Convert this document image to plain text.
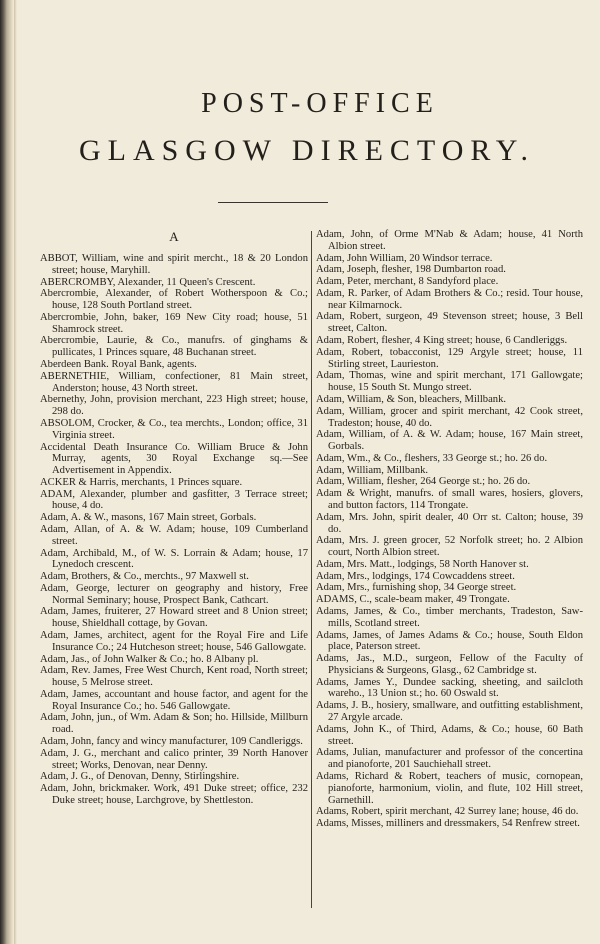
POST-OFFICE
GLASGOW DIRECTORY.
A
ABBOT, William, wine and spirit mercht., 18 & 20 London street; house, Maryhill.
ABERCROMBY, Alexander, 11 Queen's Crescent.
Abercrombie, Alexander, of Robert Wotherspoon & Co.; house, 128 South Portland street.
Abercrombie, John, baker, 169 New City road; house, 51 Shamrock street.
Abercrombie, Laurie, & Co., manufrs. of ginghams & pullicates, 1 Princes square, 48 Buchanan street.
Aberdeen Bank. Royal Bank, agents.
ABERNETHIE, William, confectioner, 81 Main street, Anderston; house, 43 North street.
Abernethy, John, provision merchant, 223 High street; house, 298 do.
ABSOLOM, Crocker, & Co., tea merchts., London; office, 31 Virginia street.
Accidental Death Insurance Co. William Bruce & John Murray, agents, 30 Royal Exchange sq.—See Advertisement in Appendix.
ACKER & Harris, merchants, 1 Princes square.
ADAM, Alexander, plumber and gasfitter, 3 Terrace street; house, 4 do.
Adam, A. & W., masons, 167 Main street, Gorbals.
Adam, Allan, of A. & W. Adam; house, 109 Cumberland street.
Adam, Archibald, M., of W. S. Lorrain & Adam; house, 17 Lynedoch crescent.
Adam, Brothers, & Co., merchts., 97 Maxwell st.
Adam, George, lecturer on geography and history, Free Normal Seminary; house, Prospect Bank, Cathcart.
Adam, James, fruiterer, 27 Howard street and 8 Union street; house, Shieldhall cottage, by Govan.
Adam, James, architect, agent for the Royal Fire and Life Insurance Co.; 24 Hutcheson street; house, 546 Gallowgate.
Adam, Jas., of John Walker & Co.; ho. 8 Albany pl.
Adam, Rev. James, Free West Church, Kent road, North street; house, 5 Melrose street.
Adam, James, accountant and house factor, and agent for the Royal Insurance Co.; ho. 546 Gallowgate.
Adam, John, jun., of Wm. Adam & Son; ho. Hillside, Millburn road.
Adam, John, fancy and wincy manufacturer, 109 Candleriggs.
Adam, J. G., merchant and calico printer, 39 North Hanover street; Works, Denovan, near Denny.
Adam, J. G., of Denovan, Denny, Stirlingshire.
Adam, John, brickmaker. Work, 491 Duke street; office, 232 Duke street; house, Larchgrove, by Shettleston.
Adam, John, of Orme M'Nab & Adam; house, 41 North Albion street.
Adam, John William, 20 Windsor terrace.
Adam, Joseph, flesher, 198 Dumbarton road.
Adam, Peter, merchant, 8 Sandyford place.
Adam, R. Parker, of Adam Brothers & Co.; resid. Tour house, near Kilmarnock.
Adam, Robert, surgeon, 49 Stevenson street; house, 3 Bell street, Calton.
Adam, Robert, flesher, 4 King street; house, 6 Candleriggs.
Adam, Robert, tobacconist, 129 Argyle street; house, 11 Stirling street, Laurieston.
Adam, Thomas, wine and spirit merchant, 171 Gallowgate; house, 15 South St. Mungo street.
Adam, William, & Son, bleachers, Millbank.
Adam, William, grocer and spirit merchant, 42 Cook street, Tradeston; house, 40 do.
Adam, William, of A. & W. Adam; house, 167 Main street, Gorbals.
Adam, Wm., & Co., fleshers, 33 George st.; ho. 26 do.
Adam, William, Millbank.
Adam, William, flesher, 264 George st.; ho. 26 do.
Adam & Wright, manufrs. of small wares, hosiers, glovers, and button factors, 114 Trongate.
Adam, Mrs. John, spirit dealer, 40 Orr st. Calton; house, 39 do.
Adam, Mrs. J. green grocer, 52 Norfolk street; ho. 2 Albion court, North Albion street.
Adam, Mrs. Matt., lodgings, 58 North Hanover st.
Adam, Mrs., lodgings, 174 Cowcaddens street.
Adam, Mrs., furnishing shop, 34 George street.
ADAMS, C., scale-beam maker, 49 Trongate.
Adams, James, & Co., timber merchants, Tradeston, Saw-mills, Scotland street.
Adams, James, of James Adams & Co.; house, South Eldon place, Paterson street.
Adams, Jas., M.D., surgeon, Fellow of the Faculty of Physicians & Surgeons, Glasg., 62 Cambridge st.
Adams, James Y., Dundee sacking, sheeting, and sailcloth wareho., 13 Union st.; ho. 60 Oswald st.
Adams, J. B., hosiery, smallware, and outfitting establishment, 27 Argyle arcade.
Adams, John K., of Third, Adams, & Co.; house, 60 Bath street.
Adams, Julian, manufacturer and professor of the concertina and pianoforte, 201 Sauchiehall street.
Adams, Richard & Robert, teachers of music, cornopean, pianoforte, harmonium, violin, and flute, 102 Hill street, Garnethill.
Adams, Robert, spirit merchant, 42 Surrey lane; house, 46 do.
Adams, Misses, milliners and dressmakers, 54 Renfrew street.
